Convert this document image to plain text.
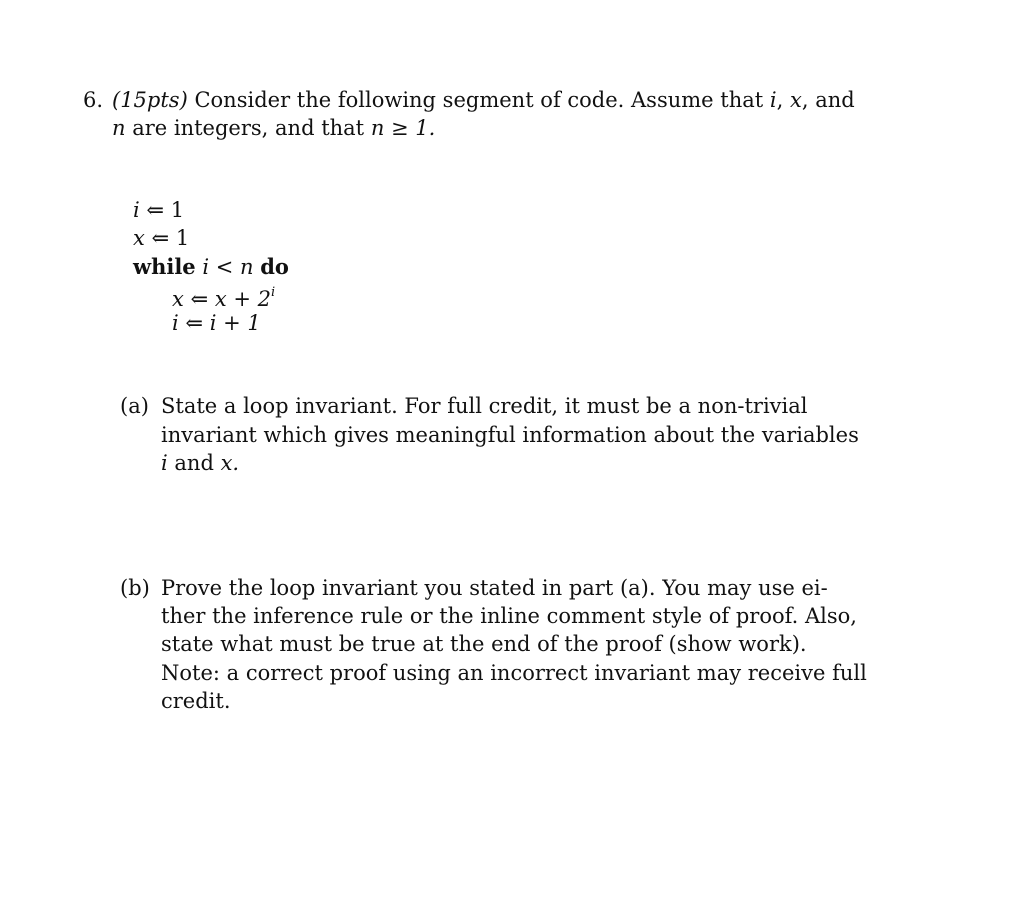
6. (15pts) Consider the following segment of code. Assume that i, x, and
n are integers, and that n ≥ 1.
i ⇐ 1
x ⇐ 1
while i < n do
x ⇐ $x + 2^i$
i ⇐ i + 1
(a) State a loop invariant. For full credit, it must be a non-trivial
invariant which gives meaningful information about the variables
i and x.
(b) Prove the loop invariant you stated in part (a). You may use ei-
ther the inference rule or the inline comment style of proof. Also,
state what must be true at the end of the proof (show work).
Note: a correct proof using an incorrect invariant may receive full
credit.
